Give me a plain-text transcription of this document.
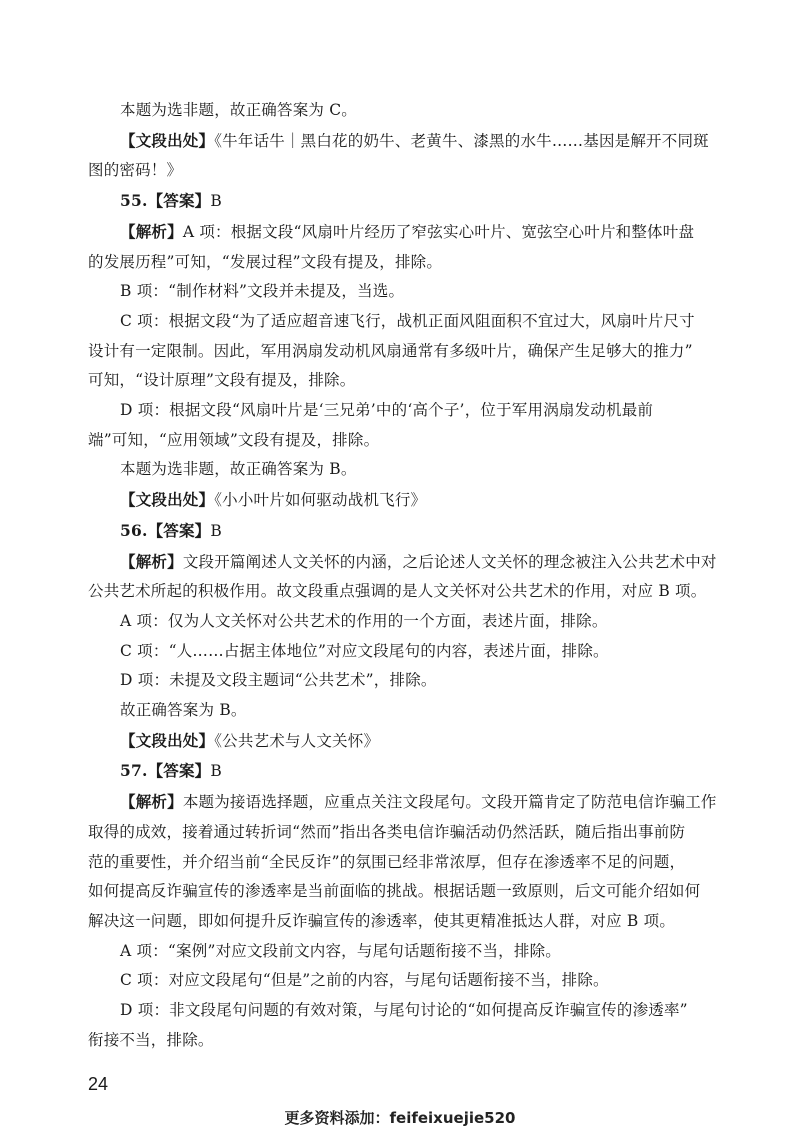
本题为选非题，故正确答案为 C。
【文段出处】《牛年话牛｜黑白花的奶牛、老黄牛、漆黑的水牛……基因是解开不同斑
图的密码！》
55.【答案】B
【解析】A 项：根据文段“风扇叶片经历了窄弦实心叶片、宽弦空心叶片和整体叶盘
的发展历程”可知，“发展过程”文段有提及，排除。
B 项：“制作材料”文段并未提及，当选。
C 项：根据文段“为了适应超音速飞行，战机正面风阻面积不宜过大，风扇叶片尺寸
设计有一定限制。因此，军用涡扇发动机风扇通常有多级叶片，确保产生足够大的推力”
可知，“设计原理”文段有提及，排除。
D 项：根据文段“风扇叶片是‘三兄弟’中的‘高个子’，位于军用涡扇发动机最前
端”可知，“应用领域”文段有提及，排除。
本题为选非题，故正确答案为 B。
【文段出处】《小小叶片如何驱动战机飞行》
56.【答案】B
【解析】文段开篇阐述人文关怀的内涵，之后论述人文关怀的理念被注入公共艺术中对
公共艺术所起的积极作用。故文段重点强调的是人文关怀对公共艺术的作用，对应 B 项。
A 项：仅为人文关怀对公共艺术的作用的一个方面，表述片面，排除。
C 项：“人……占据主体地位”对应文段尾句的内容，表述片面，排除。
D 项：未提及文段主题词“公共艺术”，排除。
故正确答案为 B。
【文段出处】《公共艺术与人文关怀》
57.【答案】B
【解析】本题为接语选择题，应重点关注文段尾句。文段开篇肯定了防范电信诈骗工作
取得的成效，接着通过转折词“然而”指出各类电信诈骗活动仍然活跃，随后指出事前防
范的重要性，并介绍当前“全民反诈”的氛围已经非常浓厚，但存在渗透率不足的问题，
如何提高反诈骗宣传的渗透率是当前面临的挑战。根据话题一致原则，后文可能介绍如何
解决这一问题，即如何提升反诈骗宣传的渗透率，使其更精准抵达人群，对应 B 项。
A 项：“案例”对应文段前文内容，与尾句话题衔接不当，排除。
C 项：对应文段尾句“但是”之前的内容，与尾句话题衔接不当，排除。
D 项：非文段尾句问题的有效对策，与尾句讨论的“如何提高反诈骗宣传的渗透率”
衔接不当，排除。
24
更多资料添加：feifeixuejie520
